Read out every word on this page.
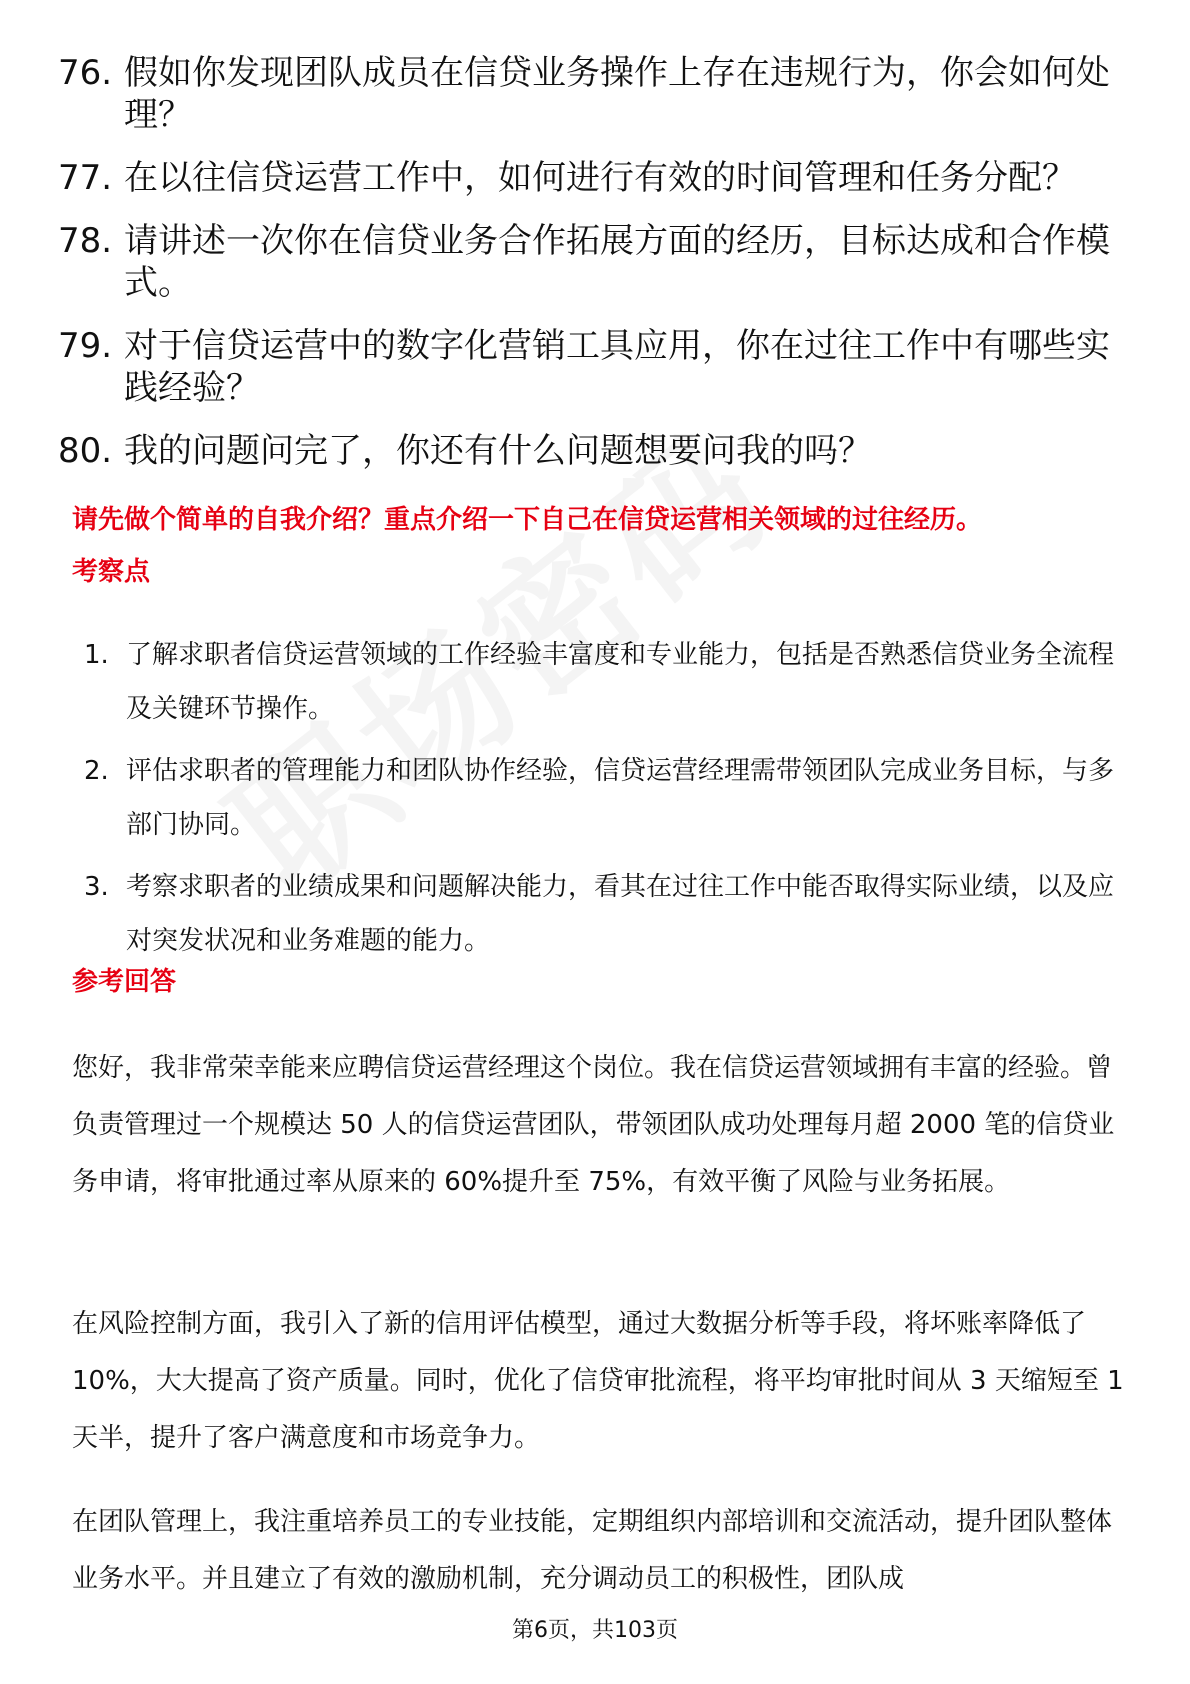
76. 假如你发现团队成员在信贷业务操作上存在违规行为，你会如何处理？
77. 在以往信贷运营工作中，如何进行有效的时间管理和任务分配？
78. 请讲述一次你在信贷业务合作拓展方面的经历，目标达成和合作模式。
79. 对于信贷运营中的数字化营销工具应用，你在过往工作中有哪些实践经验？
80. 我的问题问完了，你还有什么问题想要问我的吗？
请先做个简单的自我介绍？重点介绍一下自己在信贷运营相关领域的过往经历。
考察点
1. 了解求职者信贷运营领域的工作经验丰富度和专业能力，包括是否熟悉信贷业务全流程及关键环节操作。
2. 评估求职者的管理能力和团队协作经验，信贷运营经理需带领团队完成业务目标，与多部门协同。
3. 考察求职者的业绩成果和问题解决能力，看其在过往工作中能否取得实际业绩，以及应对突发状况和业务难题的能力。
参考回答

您好，我非常荣幸能来应聘信贷运营经理这个岗位。我在信贷运营领域拥有丰富的经验。曾负责管理过一个规模达 50 人的信贷运营团队，带领团队成功处理每月超 2000 笔的信贷业务申请，将审批通过率从原来的 60%提升至 75%，有效平衡了风险与业务拓展。

在风险控制方面，我引入了新的信用评估模型，通过大数据分析等手段，将坏账率降低了 10%，大大提高了资产质量。同时，优化了信贷审批流程，将平均审批时间从 3 天缩短至 1 天半，提升了客户满意度和市场竞争力。

在团队管理上，我注重培养员工的专业技能，定期组织内部培训和交流活动，提升团队整体业务水平。并且建立了有效的激励机制，充分调动员工的积极性，团队成

第6页，共103页
